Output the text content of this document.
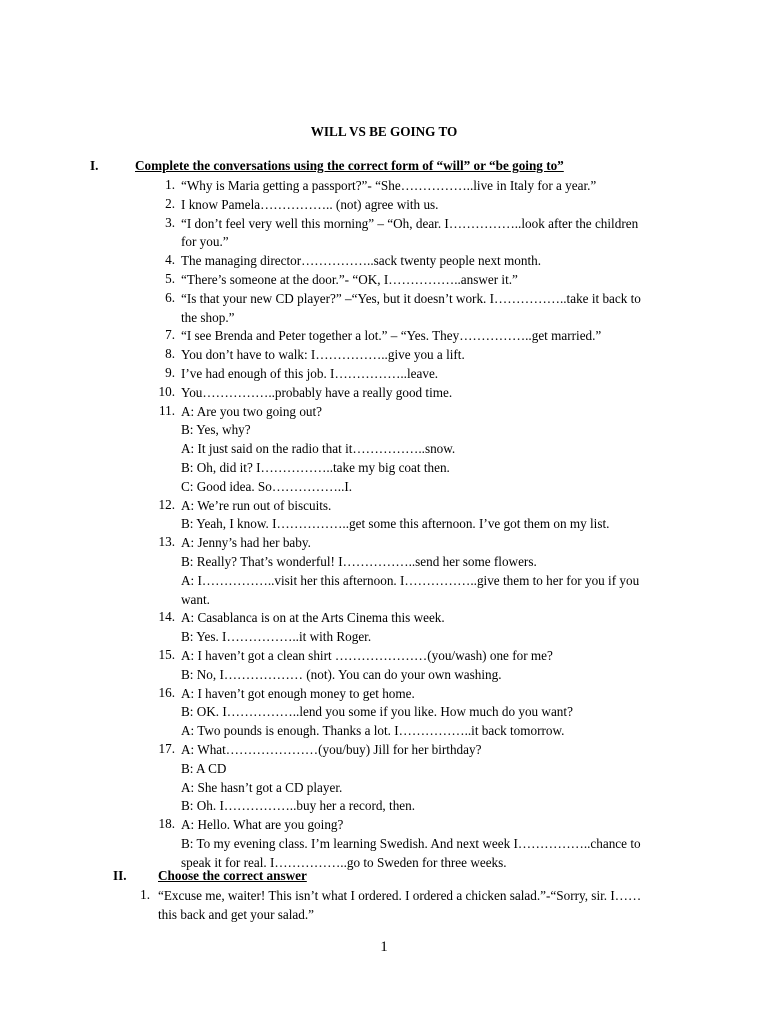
WILL VS BE GOING TO
I.	Complete the conversations using the correct form of “will” or “be going to”
1. “Why is Maria getting a passport?”- “She……………..live in Italy for a year.”
2. I know Pamela…………….. (not) agree with us.
3. “I don’t feel very well this morning” – “Oh, dear. I……………..look after the children
for you.”
4. The managing director……………..sack twenty people next month.
5. “There’s someone at the door.”- “OK, I……………..answer it.”
6. “Is that your new CD player?” –“Yes, but it doesn’t work. I……………..take it back to
the shop.”
7. “I see Brenda and Peter together a lot.” – “Yes. They……………..get married.”
8. You don’t have to walk: I……………..give you a lift.
9. I’ve had enough of this job. I……………..leave.
10. You……………..probably have a really good time.
11. A: Are you two going out?
B: Yes, why?
A: It just said on the radio that it……………..snow.
B: Oh, did it? I……………..take my big coat then.
C: Good idea. So……………..I.
12. A: We’re run out of biscuits.
B: Yeah, I know. I……………..get some this afternoon. I’ve got them on my list.
13. A: Jenny’s had her baby.
B: Really? That’s wonderful! I……………..send her some flowers.
A: I……………..visit her this afternoon. I……………..give them to her for you if you
want.
14. A: Casablanca is on at the Arts Cinema this week.
B: Yes. I……………..it with Roger.
15. A: I haven’t got a clean shirt …………………(you/wash) one for me?
B: No, I……………… (not). You can do your own washing.
16. A: I haven’t got enough money to get home.
B: OK. I……………..lend you some if you like. How much do you want?
A: Two pounds is enough. Thanks a lot. I……………..it back tomorrow.
17. A: What…………………(you/buy) Jill for her birthday?
B: A CD
A: She hasn’t got a CD player.
B: Oh. I……………..buy her a record, then.
18. A: Hello. What are you going?
B: To my evening class. I’m learning Swedish. And next week I……………..chance to
speak it for real. I……………..go to Sweden for three weeks.
II. Choose the correct answer
1. “Excuse me, waiter! This isn’t what I ordered. I ordered a chicken salad.”-“Sorry, sir. I……
this back and get your salad.”
1
